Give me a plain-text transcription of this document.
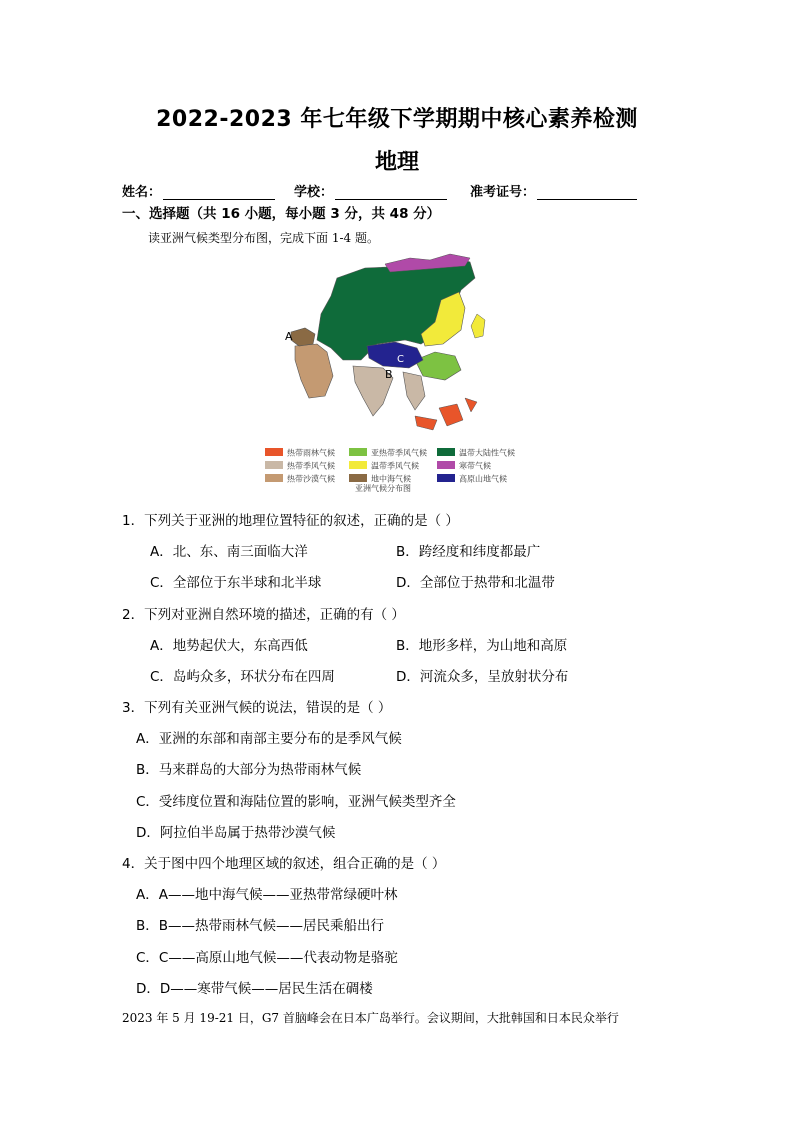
2022-2023 年七年级下学期期中核心素养检测
地理
姓名：	学校：	准考证号：
一、选择题（共 16 小题，每小题 3 分，共 48 分）
读亚洲气候类型分布图，完成下面 1-4 题。
A
B
C
热带雨林气候	亚热带季风气候	温带大陆性气候
热带季风气候	温带季风气候	寒带气候
热带沙漠气候	地中海气候	高原山地气候
亚洲气候分布图
1．下列关于亚洲的地理位置特征的叙述，正确的是（ ）
A．北、东、南三面临大洋	B．跨经度和纬度都最广
C．全部位于东半球和北半球	D．全部位于热带和北温带
2．下列对亚洲自然环境的描述，正确的有（ ）
A．地势起伏大，东高西低	B．地形多样，为山地和高原
C．岛屿众多，环状分布在四周	D．河流众多，呈放射状分布
3．下列有关亚洲气候的说法，错误的是（ ）
A．亚洲的东部和南部主要分布的是季风气候
B．马来群岛的大部分为热带雨林气候
C．受纬度位置和海陆位置的影响，亚洲气候类型齐全
D．阿拉伯半岛属于热带沙漠气候
4．关于图中四个地理区域的叙述，组合正确的是（ ）
A．A——地中海气候——亚热带常绿硬叶林
B．B——热带雨林气候——居民乘船出行
C．C——高原山地气候——代表动物是骆驼
D．D——寒带气候——居民生活在碉楼
2023 年 5 月 19-21 日，G7 首脑峰会在日本广岛举行。会议期间，大批韩国和日本民众举行
